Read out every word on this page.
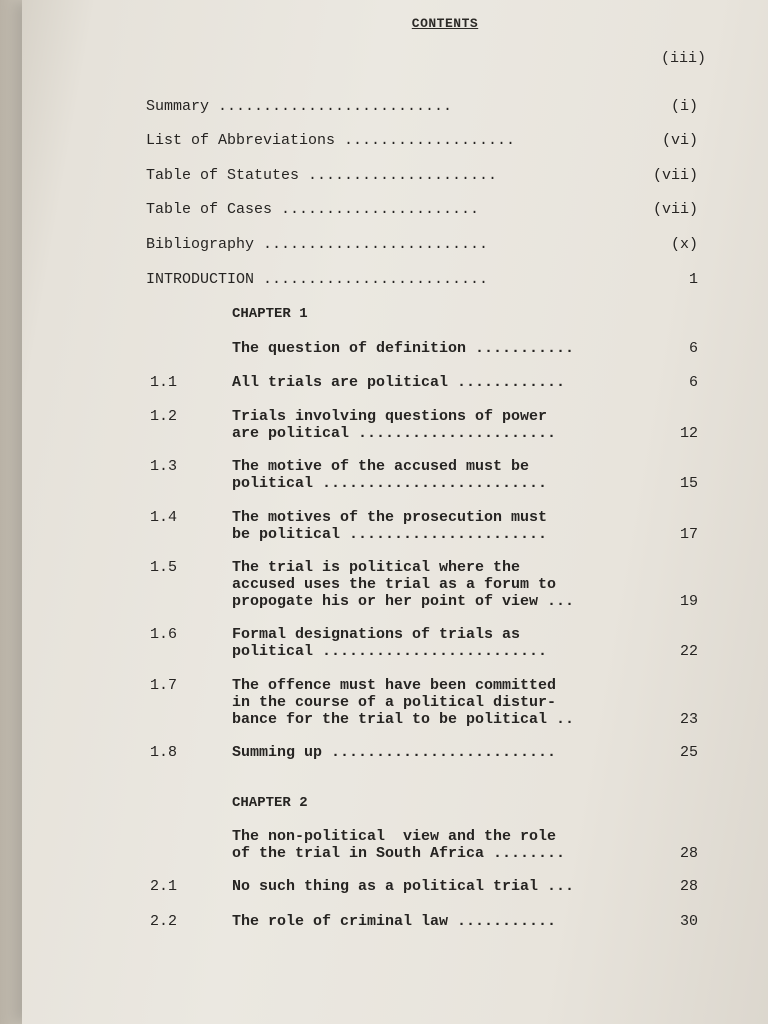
CONTENTS
(iii)
Summary ..........................	(i)
List of Abbreviations ...................	(vi)
Table of Statutes .....................	(vii)
Table of Cases ......................	(vii)
Bibliography .........................	(x)
INTRODUCTION .........................	1
CHAPTER 1
The question of definition ...........	6
1.1	All trials are political ............	6
1.2	Trials involving questions of power
are political ......................	12
1.3	The motive of the accused must be
political .........................	15
1.4	The motives of the prosecution must
be political ......................	17
1.5	The trial is political where the
accused uses the trial as a forum to
propogate his or her point of view ...	19
1.6	Formal designations of trials as
political .........................	22
1.7	The offence must have been committed
in the course of a political distur-
bance for the trial to be political ..	23
1.8	Summing up .........................	25
CHAPTER 2
The non-political  view and the role
of the trial in South Africa ........	28
2.1	No such thing as a political trial ...	28
2.2	The role of criminal law ...........	30
